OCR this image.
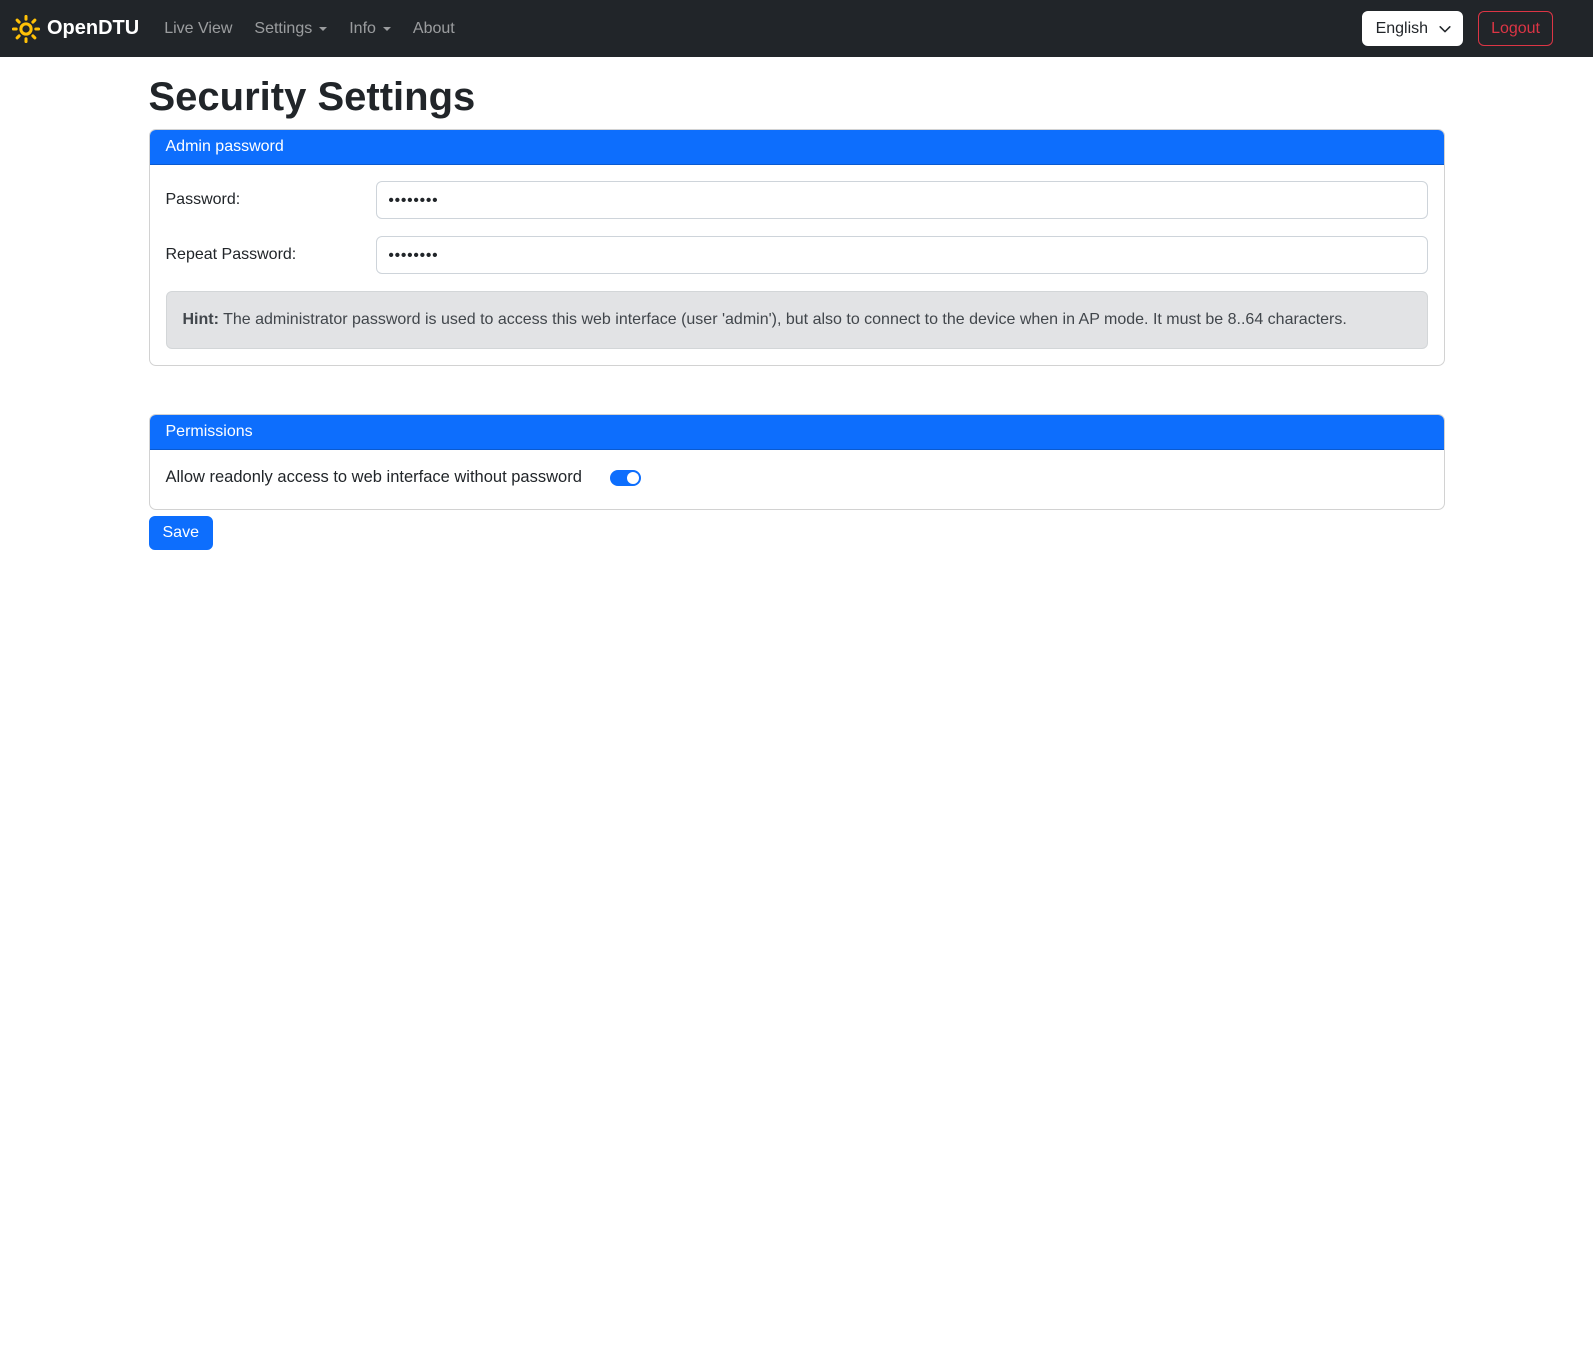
OpenDTU Live View Settings Info About	English	Logout
Security Settings
Admin password
Password:
••••••••
Repeat Password:
••••••••
Hint: The administrator password is used to access this web interface (user 'admin'), but also to connect to the device when in AP mode. It must be 8..64 characters.
Permissions
Allow readonly access to web interface without password
Save
